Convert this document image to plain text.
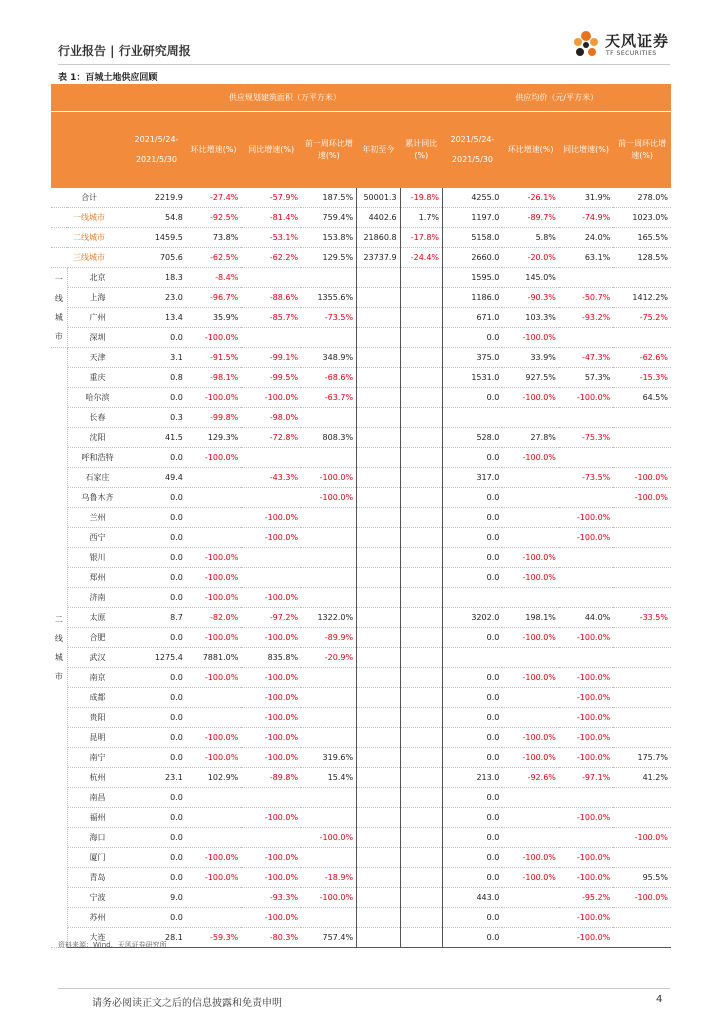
行业报告 | 行业研究周报
天风证券
TF SECURITIES
表 1：百城土地供应回顾
		供应规划建筑面积（万平方米）						供应均价（元/平方米）			
		2021/5/24-2021/5/30	环比增速(%)	同比增速(%)	前一周环比增速(%)	年初至今	累计同比(%)	2021/5/24-2021/5/30	环比增速(%)	同比增速(%)	前一周环比增速(%)
合计		2219.9	-27.4%	-57.9%	187.5%	50001.3	-19.8%	4255.0	-26.1%	31.9%	278.0%
一线城市		54.8	-92.5%	-81.4%	759.4%	4402.6	1.7%	1197.0	-89.7%	-74.9%	1023.0%
二线城市		1459.5	73.8%	-53.1%	153.8%	21860.8	-17.8%	5158.0	5.8%	24.0%	165.5%
三线城市		705.6	-62.5%	-62.2%	129.5%	23737.9	-24.4%	2660.0	-20.0%	63.1%	128.5%
一线城市	北京	18.3	-8.4%					1595.0	145.0%		
	上海	23.0	-96.7%	-88.6%	1355.6%			1186.0	-90.3%	-50.7%	1412.2%
	广州	13.4	35.9%	-85.7%	-73.5%			671.0	103.3%	-93.2%	-75.2%
	深圳	0.0	-100.0%					0.0	-100.0%		
二线城市	天津	3.1	-91.5%	-99.1%	348.9%			375.0	33.9%	-47.3%	-62.6%
	重庆	0.8	-98.1%	-99.5%	-68.6%			1531.0	927.5%	57.3%	-15.3%
	哈尔滨	0.0	-100.0%	-100.0%	-63.7%			0.0	-100.0%	-100.0%	64.5%
	长春	0.3	-99.8%	-98.0%							
	沈阳	41.5	129.3%	-72.8%	808.3%			528.0	27.8%	-75.3%	
	呼和浩特	0.0	-100.0%					0.0	-100.0%		
	石家庄	49.4		-43.3%	-100.0%			317.0		-73.5%	-100.0%
	乌鲁木齐	0.0			-100.0%			0.0			-100.0%
	兰州	0.0		-100.0%				0.0		-100.0%	
	西宁	0.0		-100.0%				0.0		-100.0%	
	银川	0.0	-100.0%					0.0	-100.0%		
	郑州	0.0	-100.0%					0.0	-100.0%		
	济南	0.0	-100.0%	-100.0%							
	太原	8.7	-82.0%	-97.2%	1322.0%			3202.0	198.1%	44.0%	-33.5%
	合肥	0.0	-100.0%	-100.0%	-89.9%			0.0	-100.0%	-100.0%	
	武汉	1275.4	7881.0%	835.8%	-20.9%						
	南京	0.0	-100.0%	-100.0%				0.0	-100.0%	-100.0%	
	成都	0.0		-100.0%				0.0		-100.0%	
	贵阳	0.0		-100.0%				0.0		-100.0%	
	昆明	0.0	-100.0%	-100.0%				0.0	-100.0%	-100.0%	
	南宁	0.0	-100.0%	-100.0%	319.6%			0.0	-100.0%	-100.0%	175.7%
	杭州	23.1	102.9%	-89.8%	15.4%			213.0	-92.6%	-97.1%	41.2%
	南昌	0.0						0.0			
	福州	0.0		-100.0%				0.0		-100.0%	
	海口	0.0			-100.0%			0.0			-100.0%
	厦门	0.0	-100.0%	-100.0%				0.0	-100.0%	-100.0%	
	青岛	0.0	-100.0%	-100.0%	-18.9%			0.0	-100.0%	-100.0%	95.5%
	宁波	9.0		-93.3%	-100.0%			443.0		-95.2%	-100.0%
	苏州	0.0		-100.0%				0.0		-100.0%	
	大连	28.1	-59.3%	-80.3%	757.4%			0.0		-100.0%	
资料来源：Wind、天风证券研究所
请务必阅读正文之后的信息披露和免责申明	4
